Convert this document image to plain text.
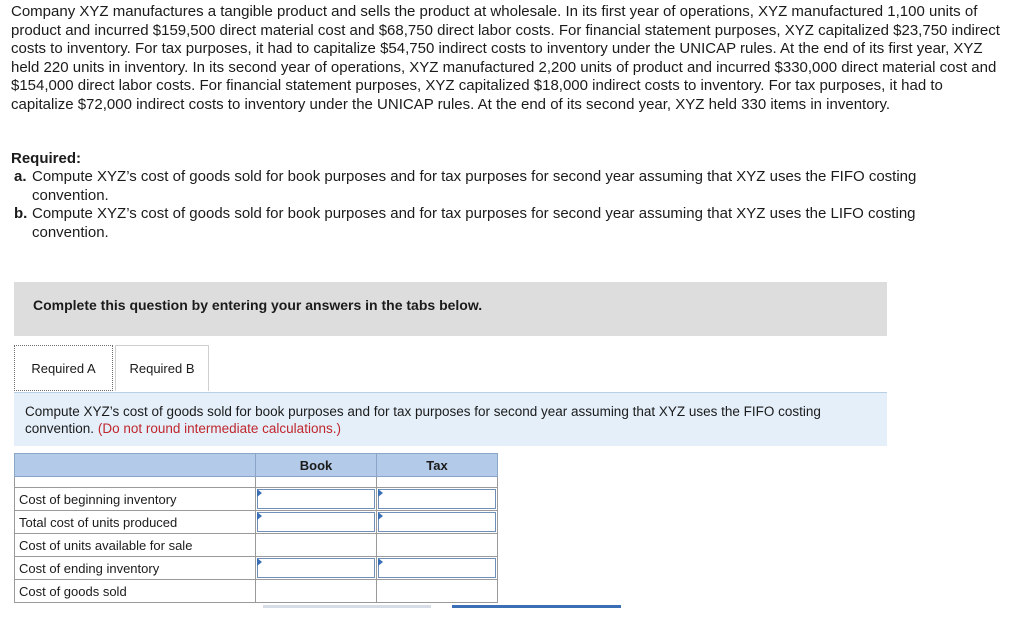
Company XYZ manufactures a tangible product and sells the product at wholesale. In its first year of operations, XYZ manufactured 1,100 units of product and incurred $159,500 direct material cost and $68,750 direct labor costs. For financial statement purposes, XYZ capitalized $23,750 indirect costs to inventory. For tax purposes, it had to capitalize $54,750 indirect costs to inventory under the UNICAP rules. At the end of its first year, XYZ held 220 units in inventory. In its second year of operations, XYZ manufactured 2,200 units of product and incurred $330,000 direct material cost and $154,000 direct labor costs. For financial statement purposes, XYZ capitalized $18,000 indirect costs to inventory. For tax purposes, it had to capitalize $72,000 indirect costs to inventory under the UNICAP rules. At the end of its second year, XYZ held 330 items in inventory.

Required:

a. Compute XYZ’s cost of goods sold for book purposes and for tax purposes for second year assuming that XYZ uses the FIFO costing convention.
b. Compute XYZ’s cost of goods sold for book purposes and for tax purposes for second year assuming that XYZ uses the LIFO costing convention.
Complete this question by entering your answers in the tabs below.
Required A	Required B
Compute XYZ’s cost of goods sold for book purposes and for tax purposes for second year assuming that XYZ uses the FIFO costing convention. (Do not round intermediate calculations.)
	Book	Tax

Cost of beginning inventory	

Total cost of units produced	

Cost of units available for sale		
Cost of ending inventory	

Cost of goods sold		
